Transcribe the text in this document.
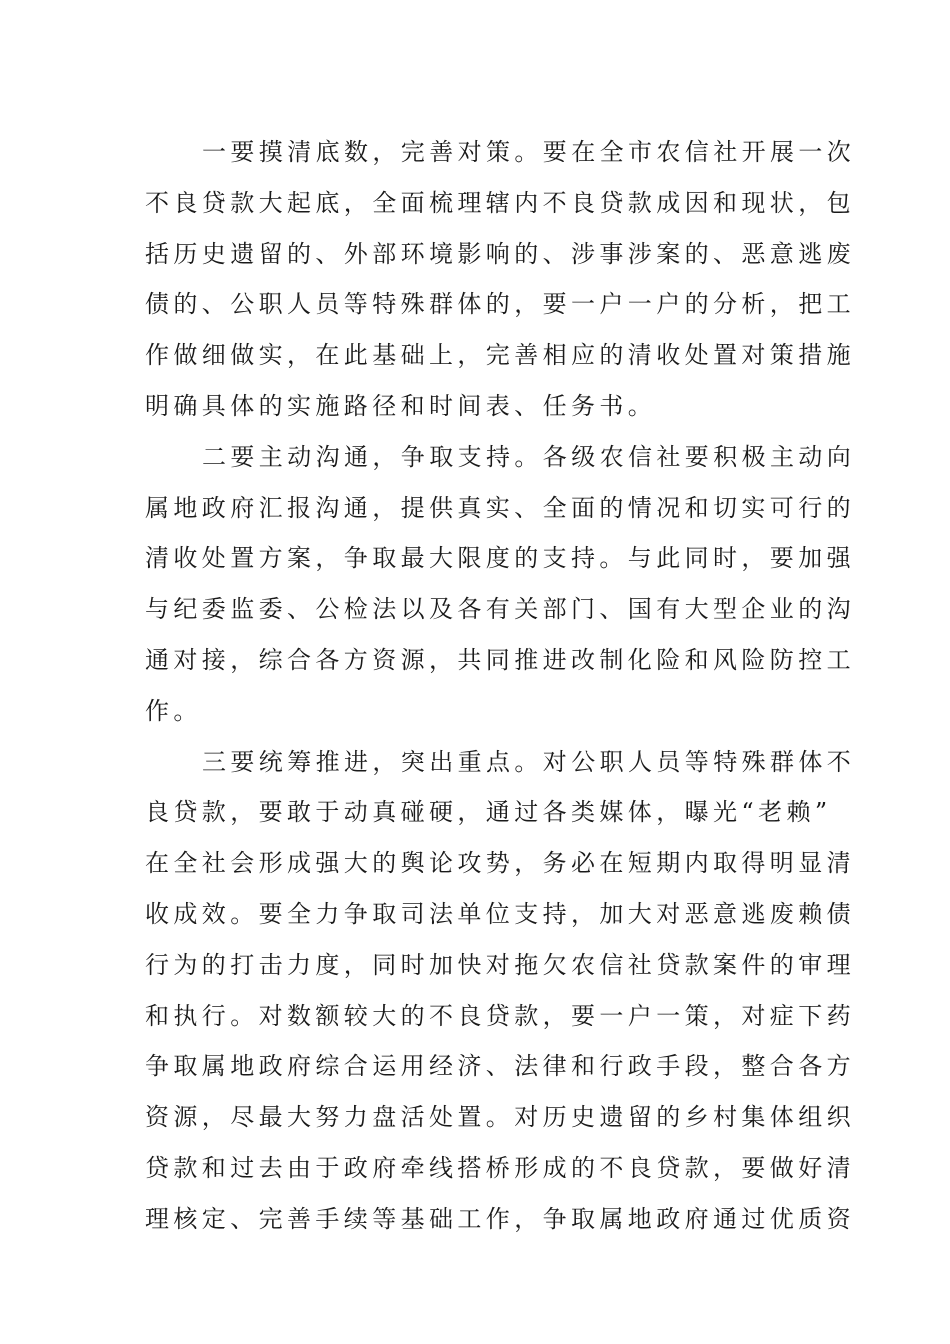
一要摸清底数，完善对策。要在全市农信社开展一次
不良贷款大起底，全面梳理辖内不良贷款成因和现状，包
括历史遗留的、外部环境影响的、涉事涉案的、恶意逃废
债的、公职人员等特殊群体的，要一户一户的分析，把工
作做细做实，在此基础上，完善相应的清收处置对策措施
明确具体的实施路径和时间表、任务书。
二要主动沟通，争取支持。各级农信社要积极主动向
属地政府汇报沟通，提供真实、全面的情况和切实可行的
清收处置方案，争取最大限度的支持。与此同时，要加强
与纪委监委、公检法以及各有关部门、国有大型企业的沟
通对接，综合各方资源，共同推进改制化险和风险防控工
作。
三要统筹推进，突出重点。对公职人员等特殊群体不
良贷款，要敢于动真碰硬，通过各类媒体，曝光“老赖”
在全社会形成强大的舆论攻势，务必在短期内取得明显清
收成效。要全力争取司法单位支持，加大对恶意逃废赖债
行为的打击力度，同时加快对拖欠农信社贷款案件的审理
和执行。对数额较大的不良贷款，要一户一策，对症下药
争取属地政府综合运用经济、法律和行政手段，整合各方
资源，尽最大努力盘活处置。对历史遗留的乡村集体组织
贷款和过去由于政府牵线搭桥形成的不良贷款，要做好清
理核定、完善手续等基础工作，争取属地政府通过优质资
